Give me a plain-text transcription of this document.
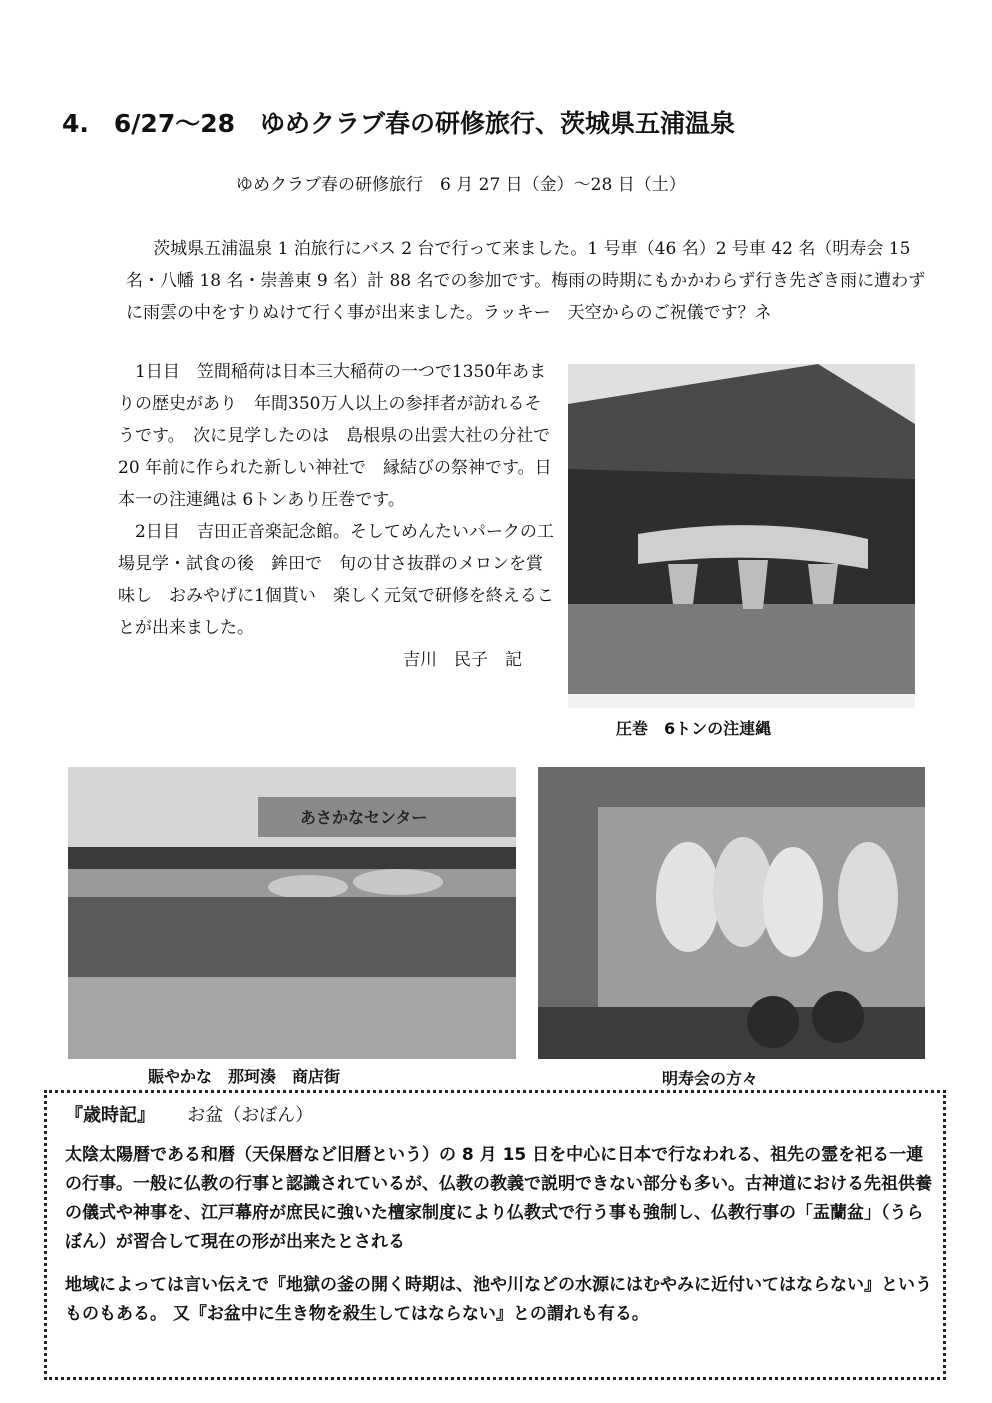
4.　6/27～28　ゆめクラブ春の研修旅行、茨城県五浦温泉
ゆめクラブ春の研修旅行　6 月 27 日（金）～28 日（土）

茨城県五浦温泉 1 泊旅行にバス 2 台で行って来ました。1 号車（46 名）2 号車 42 名（明寿会 15 名・八幡 18 名・崇善東 9 名）計 88 名での参加です。梅雨の時期にもかかわらず行き先ざき雨に遭わずに雨雲の中をすりぬけて行く事が出来ました。ラッキー　天空からのご祝儀です？ネ

1日目　笠間稲荷は日本三大稲荷の一つで1350年あまりの歴史があり　年間350万人以上の参拝者が訪れるそうです。　次に見学したのは　島根県の出雲大社の分社で 20 年前に作られた新しい神社で　縁結びの祭神です。日本一の注連縄は 6トンあり圧巻です。

2日目　吉田正音楽記念館。そしてめんたいパークの工場見学・試食の後　鉾田で　旬の甘さ抜群のメロンを賞味し　おみやげに1個貰い　楽しく元気で研修を終えることが出来ました。

吉川　民子　記
圧巻　6トンの注連縄
あさかなセンター
賑やかな　那珂湊　商店街	明寿会の方々
『歳時記』 お盆（おぼん）

太陰太陽暦である和暦（天保暦など旧暦という）の 8 月 15 日を中心に日本で行なわれる、祖先の霊を祀る一連の行事。一般に仏教の行事と認識されているが、仏教の教義で説明できない部分も多い。古神道における先祖供養の儀式や神事を、江戸幕府が庶民に強いた檀家制度により仏教式で行う事も強制し、仏教行事の「盂蘭盆」（うらぼん）が習合して現在の形が出来たとされる

地域によっては言い伝えで『地獄の釜の開く時期は、池や川などの水源にはむやみに近付いてはならない』というものもある。 又『お盆中に生き物を殺生してはならない』との謂れも有る。
